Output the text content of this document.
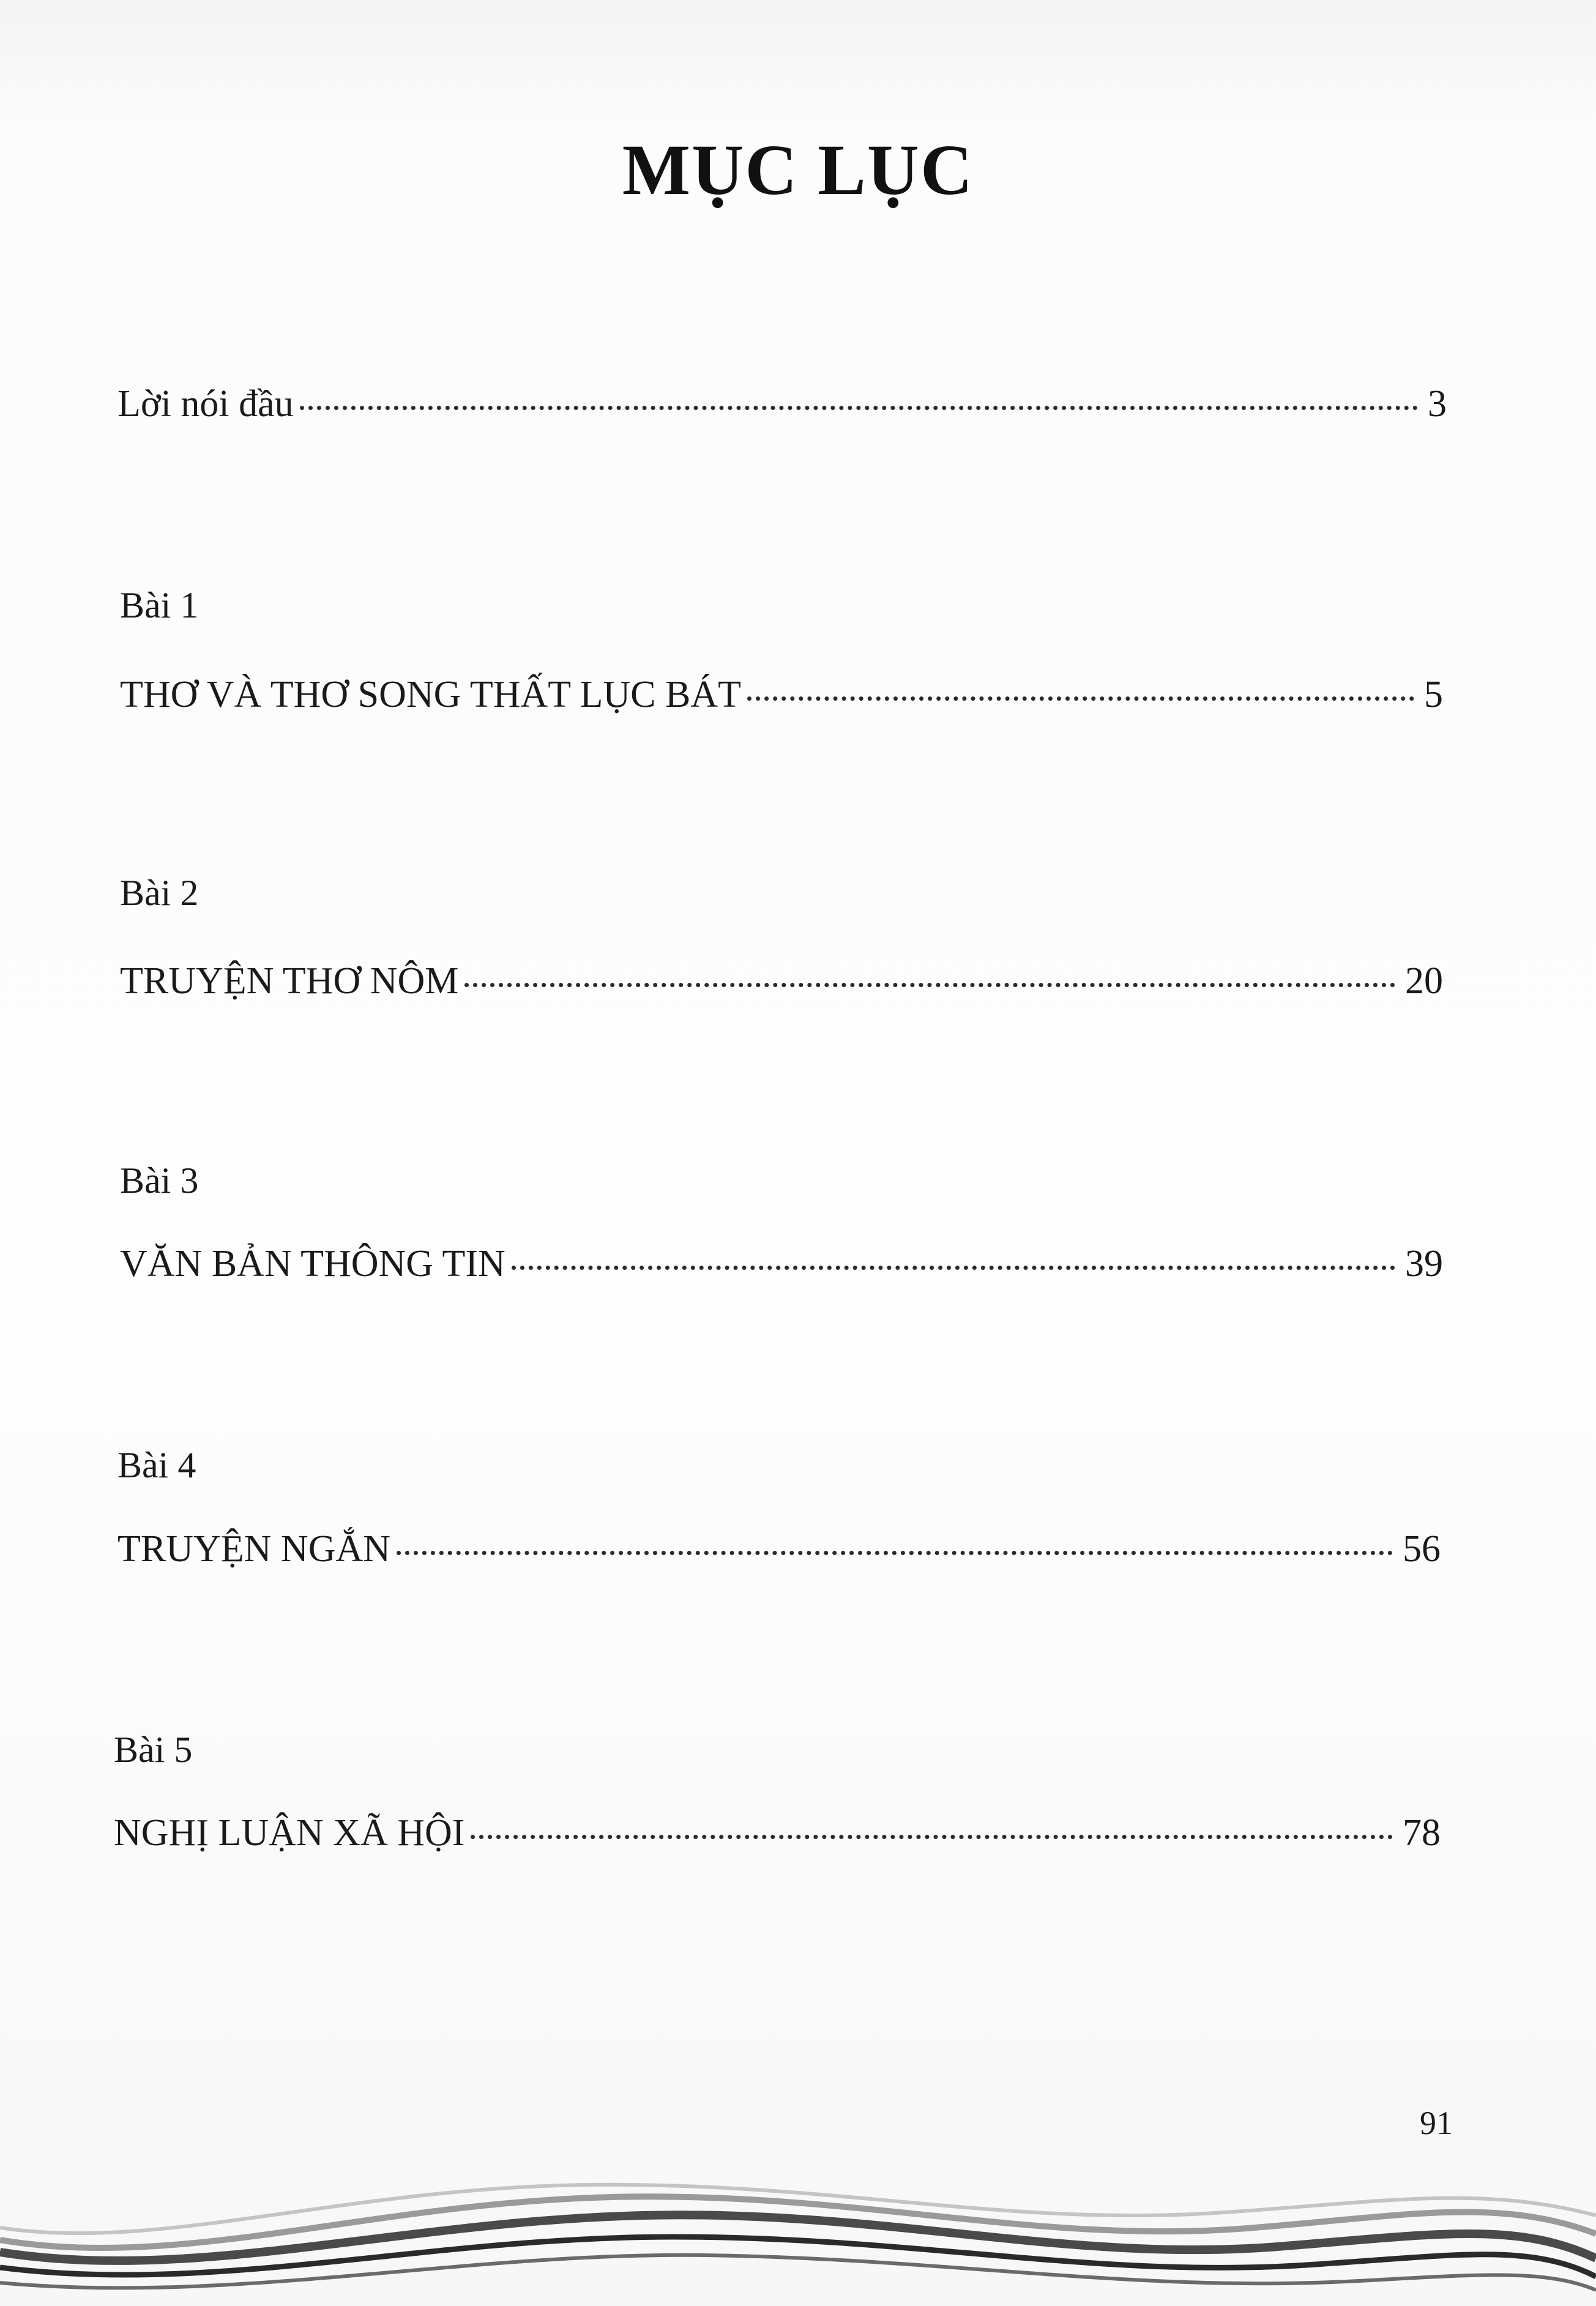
MỤC LỤC
Lời nói đầu	3
Bài 1
THƠ VÀ THƠ SONG THẤT LỤC BÁT	5
Bài 2
TRUYỆN THƠ NÔM	20
Bài 3
VĂN BẢN THÔNG TIN	39
Bài 4
TRUYỆN NGẮN	56
Bài 5
NGHỊ LUẬN XÃ HỘI	78
91
